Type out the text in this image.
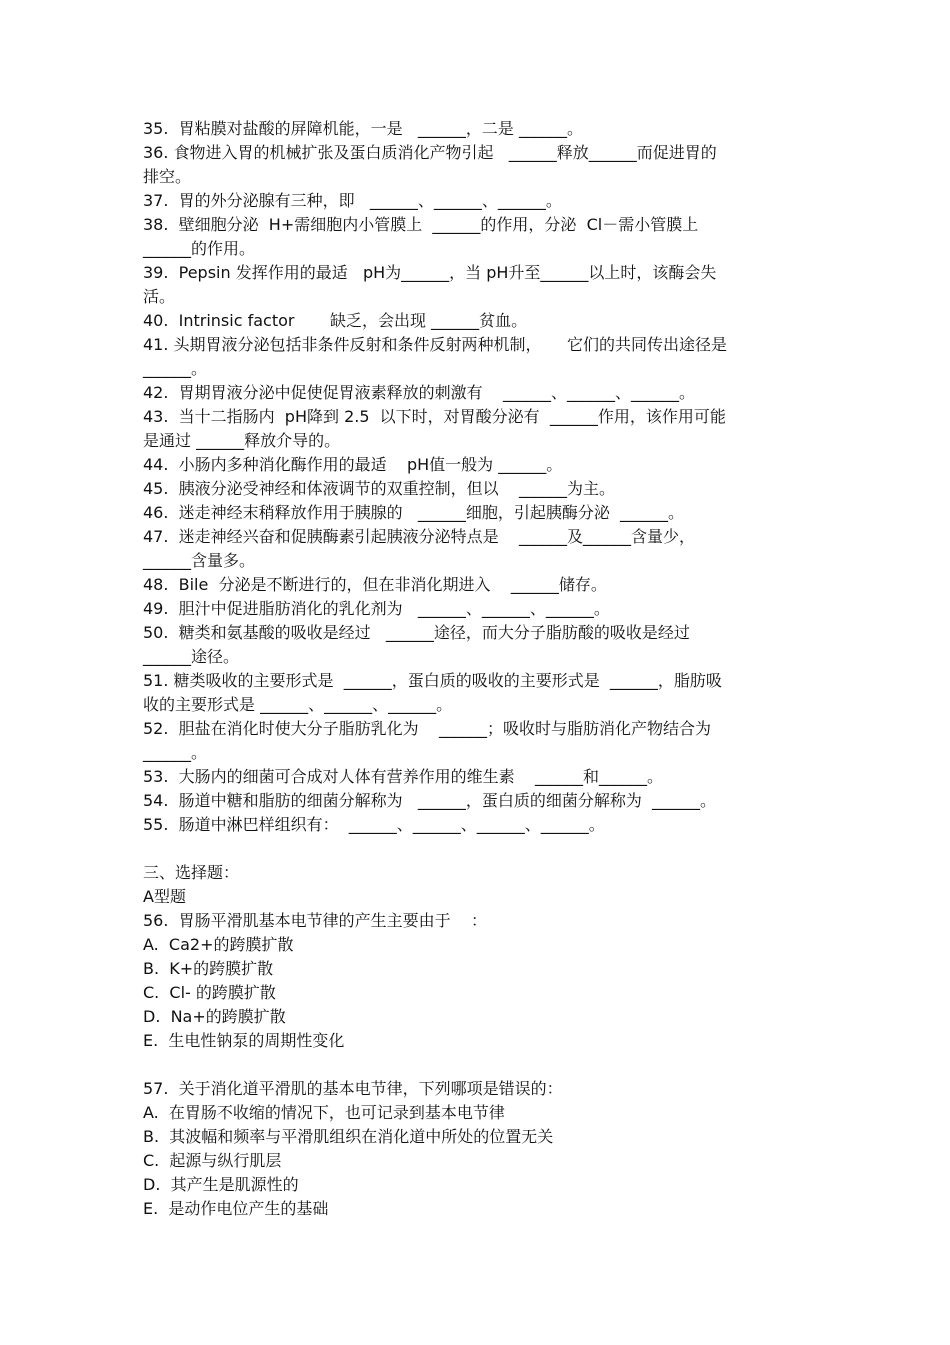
35.  胃粘膜对盐酸的屏障机能，一是   ______，二是 ______。
36. 食物进入胃的机械扩张及蛋白质消化产物引起   ______释放______而促进胃的
排空。
37.  胃的外分泌腺有三种，即   ______、______、______。
38.  壁细胞分泌  H+需细胞内小管膜上  ______的作用，分泌  Cl－需小管膜上
______的作用。
39.  Pepsin 发挥作用的最适   pH为______，当 pH升至______以上时，该酶会失
活。
40.  Intrinsic factor       缺乏，会出现 ______贫血。
41. 头期胃液分泌包括非条件反射和条件反射两种机制，     它们的共同传出途径是
______。
42.  胃期胃液分泌中促使促胃液素释放的刺激有    ______、______、______。
43.  当十二指肠内  pH降到 2.5  以下时，对胃酸分泌有  ______作用，该作用可能
是通过 ______释放介导的。
44.  小肠内多种消化酶作用的最适    pH值一般为 ______。
45.  胰液分泌受神经和体液调节的双重控制，但以    ______为主。
46.  迷走神经末稍释放作用于胰腺的   ______细胞，引起胰酶分泌  ______。
47.  迷走神经兴奋和促胰酶素引起胰液分泌特点是    ______及______含量少，
______含量多。
48.  Bile  分泌是不断进行的，但在非消化期进入    ______储存。
49.  胆汁中促进脂肪消化的乳化剂为   ______、______、______。
50.  糖类和氨基酸的吸收是经过   ______途径，而大分子脂肪酸的吸收是经过
______途径。
51. 糖类吸收的主要形式是  ______，蛋白质的吸收的主要形式是  ______，脂肪吸
收的主要形式是 ______、______、______。
52.  胆盐在消化时使大分子脂肪乳化为    ______；吸收时与脂肪消化产物结合为
______。
53.  大肠内的细菌可合成对人体有营养作用的维生素    ______和______。
54.  肠道中糖和脂肪的细菌分解称为   ______，蛋白质的细菌分解称为  ______。
55.  肠道中淋巴样组织有：  ______、______、______、______。
三、选择题：
A型题
56.  胃肠平滑肌基本电节律的产生主要由于    ：
A.  Ca2+的跨膜扩散
B.  K+的跨膜扩散
C.  Cl- 的跨膜扩散
D.  Na+的跨膜扩散
E.  生电性钠泵的周期性变化
57.  关于消化道平滑肌的基本电节律，下列哪项是错误的：
A.  在胃肠不收缩的情况下，也可记录到基本电节律
B.  其波幅和频率与平滑肌组织在消化道中所处的位置无关
C.  起源与纵行肌层
D.  其产生是肌源性的
E.  是动作电位产生的基础
